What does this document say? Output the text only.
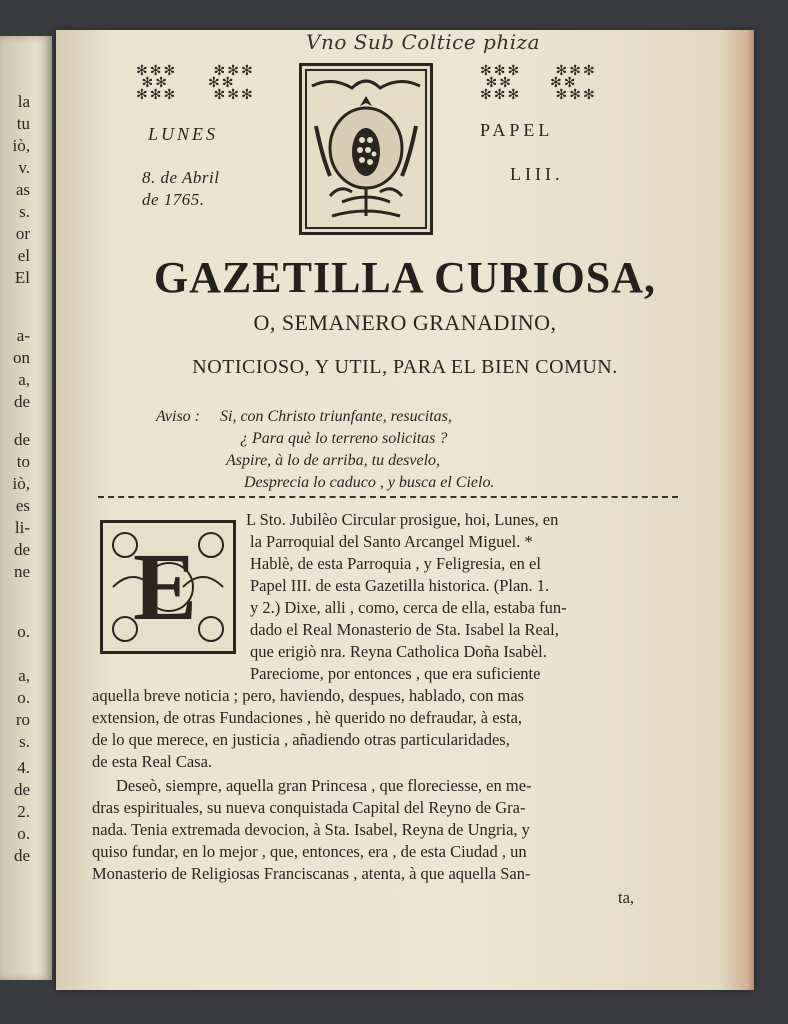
la
tu
iò,
v.
as
s.
or
el
El
a-
on
a,
de
de
to
iò,
es
li-
de
ne
o.
a,
o.
ro
s.
4.
de
2.
o.
de
Vno Sub Coltice phiza
✻✻✻
✻✻
✻✻✻
✻✻✻
✻✻
✻✻✻
✻✻✻
✻✻
✻✻✻
✻✻✻
✻✻
✻✻✻
LUNES
8. de Abril
de 1765.
PAPEL
LIII.
GAZETILLA CURIOSA,
O, SEMANERO GRANADINO,
NOTICIOSO, Y UTIL, PARA EL BIEN COMUN.
Aviso : Si, con Christo triunfante, resucitas,
¿ Para què lo terreno solicitas ?
Aspire, à lo de arriba, tu desvelo,
Desprecia lo caduco , y busca el Cielo.
E
L Sto. Jubilèo Circular prosigue, hoi, Lunes, en
la Parroquial del Santo Arcangel Miguel. *
Hablè, de esta Parroquia , y Feligresia, en el
Papel III. de esta Gazetilla historica. (Plan. 1.
y 2.) Dixe, alli , como, cerca de ella, estaba fun-
dado el Real Monasterio de Sta. Isabel la Real,
que erigiò nra. Reyna Catholica Doña Isabèl.
Pareciome, por entonces , que era suficiente
aquella breve noticia ; pero, haviendo, despues, hablado, con mas
extension, de otras Fundaciones , hè querido no defraudar, à esta,
de lo que merece, en justicia , añadiendo otras particularidades,
de esta Real Casa.
Deseò, siempre, aquella gran Princesa , que floreciesse, en me-
dras espirituales, su nueva conquistada Capital del Reyno de Gra-
nada. Tenia extremada devocion, à Sta. Isabel, Reyna de Ungria, y
quiso fundar, en lo mejor , que, entonces, era , de esta Ciudad , un
Monasterio de Religiosas Franciscanas , atenta, à que aquella San-
ta,
